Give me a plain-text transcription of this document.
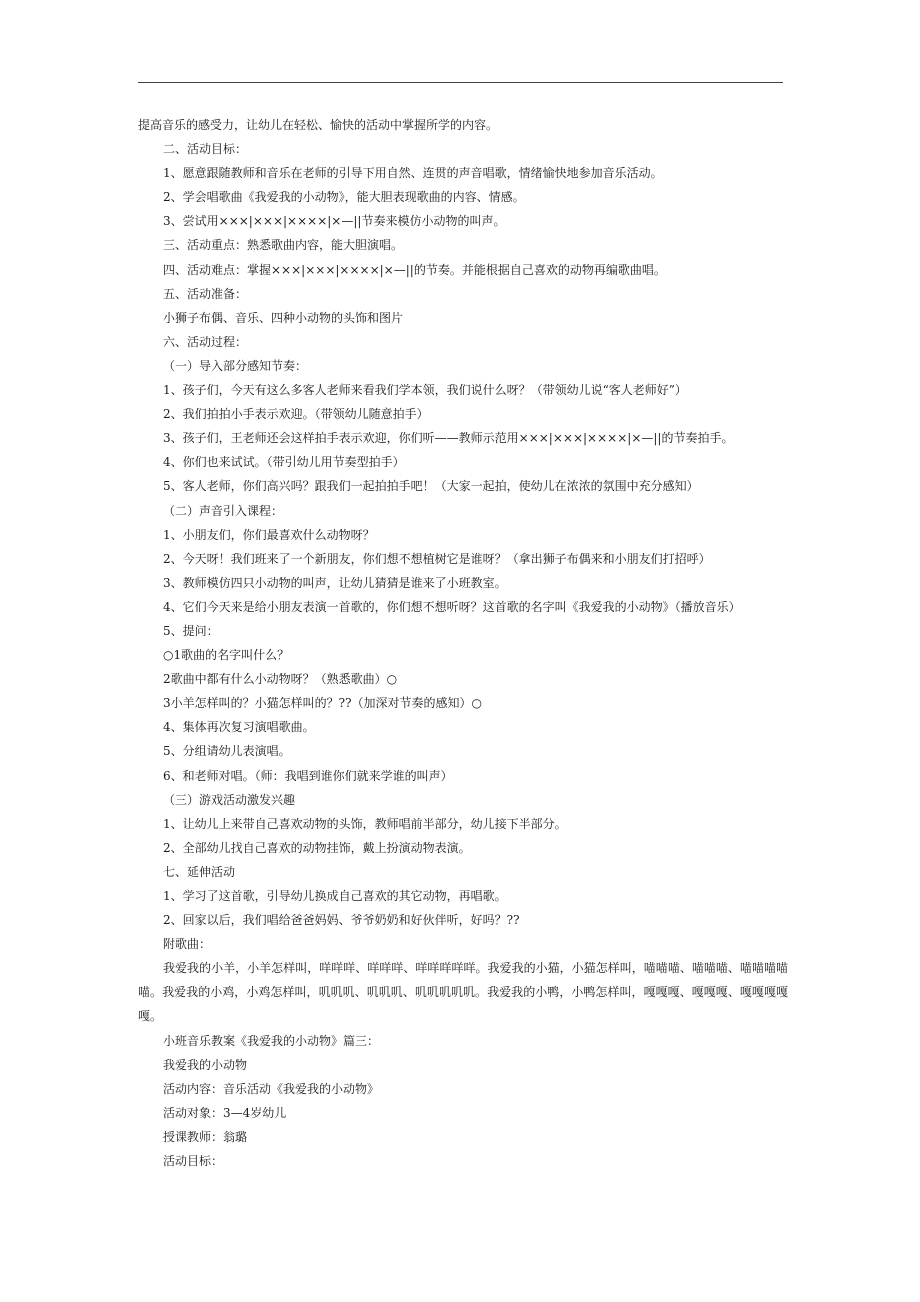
提高音乐的感受力，让幼儿在轻松、愉快的活动中掌握所学的内容。
二、活动目标：
1、愿意跟随教师和音乐在老师的引导下用自然、连贯的声音唱歌，情绪愉快地参加音乐活动。
2、学会唱歌曲《我爱我的小动物》，能大胆表现歌曲的内容、情感。
3、尝试用×××|×××|××××|×—||节奏来模仿小动物的叫声。
三、活动重点：熟悉歌曲内容，能大胆演唱。
四、活动难点：掌握×××|×××|××××|×—||的节奏。并能根据自己喜欢的动物再编歌曲唱。
五、活动准备：
小狮子布偶、音乐、四种小动物的头饰和图片
六、活动过程：
（一）导入部分感知节奏：
1、孩子们，今天有这么多客人老师来看我们学本领，我们说什么呀？（带领幼儿说“客人老师好”）
2、我们拍拍小手表示欢迎。（带领幼儿随意拍手）
3、孩子们，王老师还会这样拍手表示欢迎，你们听——教师示范用×××|×××|××××|×—||的节奏拍手。
4、你们也来试试。（带引幼儿用节奏型拍手）
5、客人老师，你们高兴吗？跟我们一起拍拍手吧！（大家一起拍，使幼儿在浓浓的氛围中充分感知）
（二）声音引入课程：
1、小朋友们，你们最喜欢什么动物呀？
2、今天呀！我们班来了一个新朋友，你们想不想植树它是谁呀？（拿出狮子布偶来和小朋友们打招呼）
3、教师模仿四只小动物的叫声，让幼儿猜猜是谁来了小班教室。
4、它们今天来是给小朋友表演一首歌的，你们想不想听呀？这首歌的名字叫《我爱我的小动物》（播放音乐）
5、提问：
○1歌曲的名字叫什么？
2歌曲中都有什么小动物呀？（熟悉歌曲）○
3小羊怎样叫的？小猫怎样叫的？??（加深对节奏的感知）○
4、集体再次复习演唱歌曲。
5、分组请幼儿表演唱。
6、和老师对唱。（师：我唱到谁你们就来学谁的叫声）
（三）游戏活动激发兴趣
1、让幼儿上来带自己喜欢动物的头饰，教师唱前半部分，幼儿接下半部分。
2、全部幼儿找自己喜欢的动物挂饰，戴上扮演动物表演。
七、延伸活动
1、学习了这首歌，引导幼儿换成自己喜欢的其它动物，再唱歌。
2、回家以后，我们唱给爸爸妈妈、爷爷奶奶和好伙伴听，好吗？??
附歌曲：
我爱我的小羊，小羊怎样叫，咩咩咩、咩咩咩、咩咩咩咩咩。我爱我的小猫，小猫怎样叫，喵喵喵、喵喵喵、喵喵喵喵喵。我爱我的小鸡，小鸡怎样叫，叽叽叽、叽叽叽、叽叽叽叽叽。我爱我的小鸭，小鸭怎样叫，嘎嘎嘎、嘎嘎嘎、嘎嘎嘎嘎嘎。
小班音乐教案《我爱我的小动物》篇三：
我爱我的小动物
活动内容：音乐活动《我爱我的小动物》
活动对象：3—4岁幼儿
授课教师：翁璐
活动目标：
